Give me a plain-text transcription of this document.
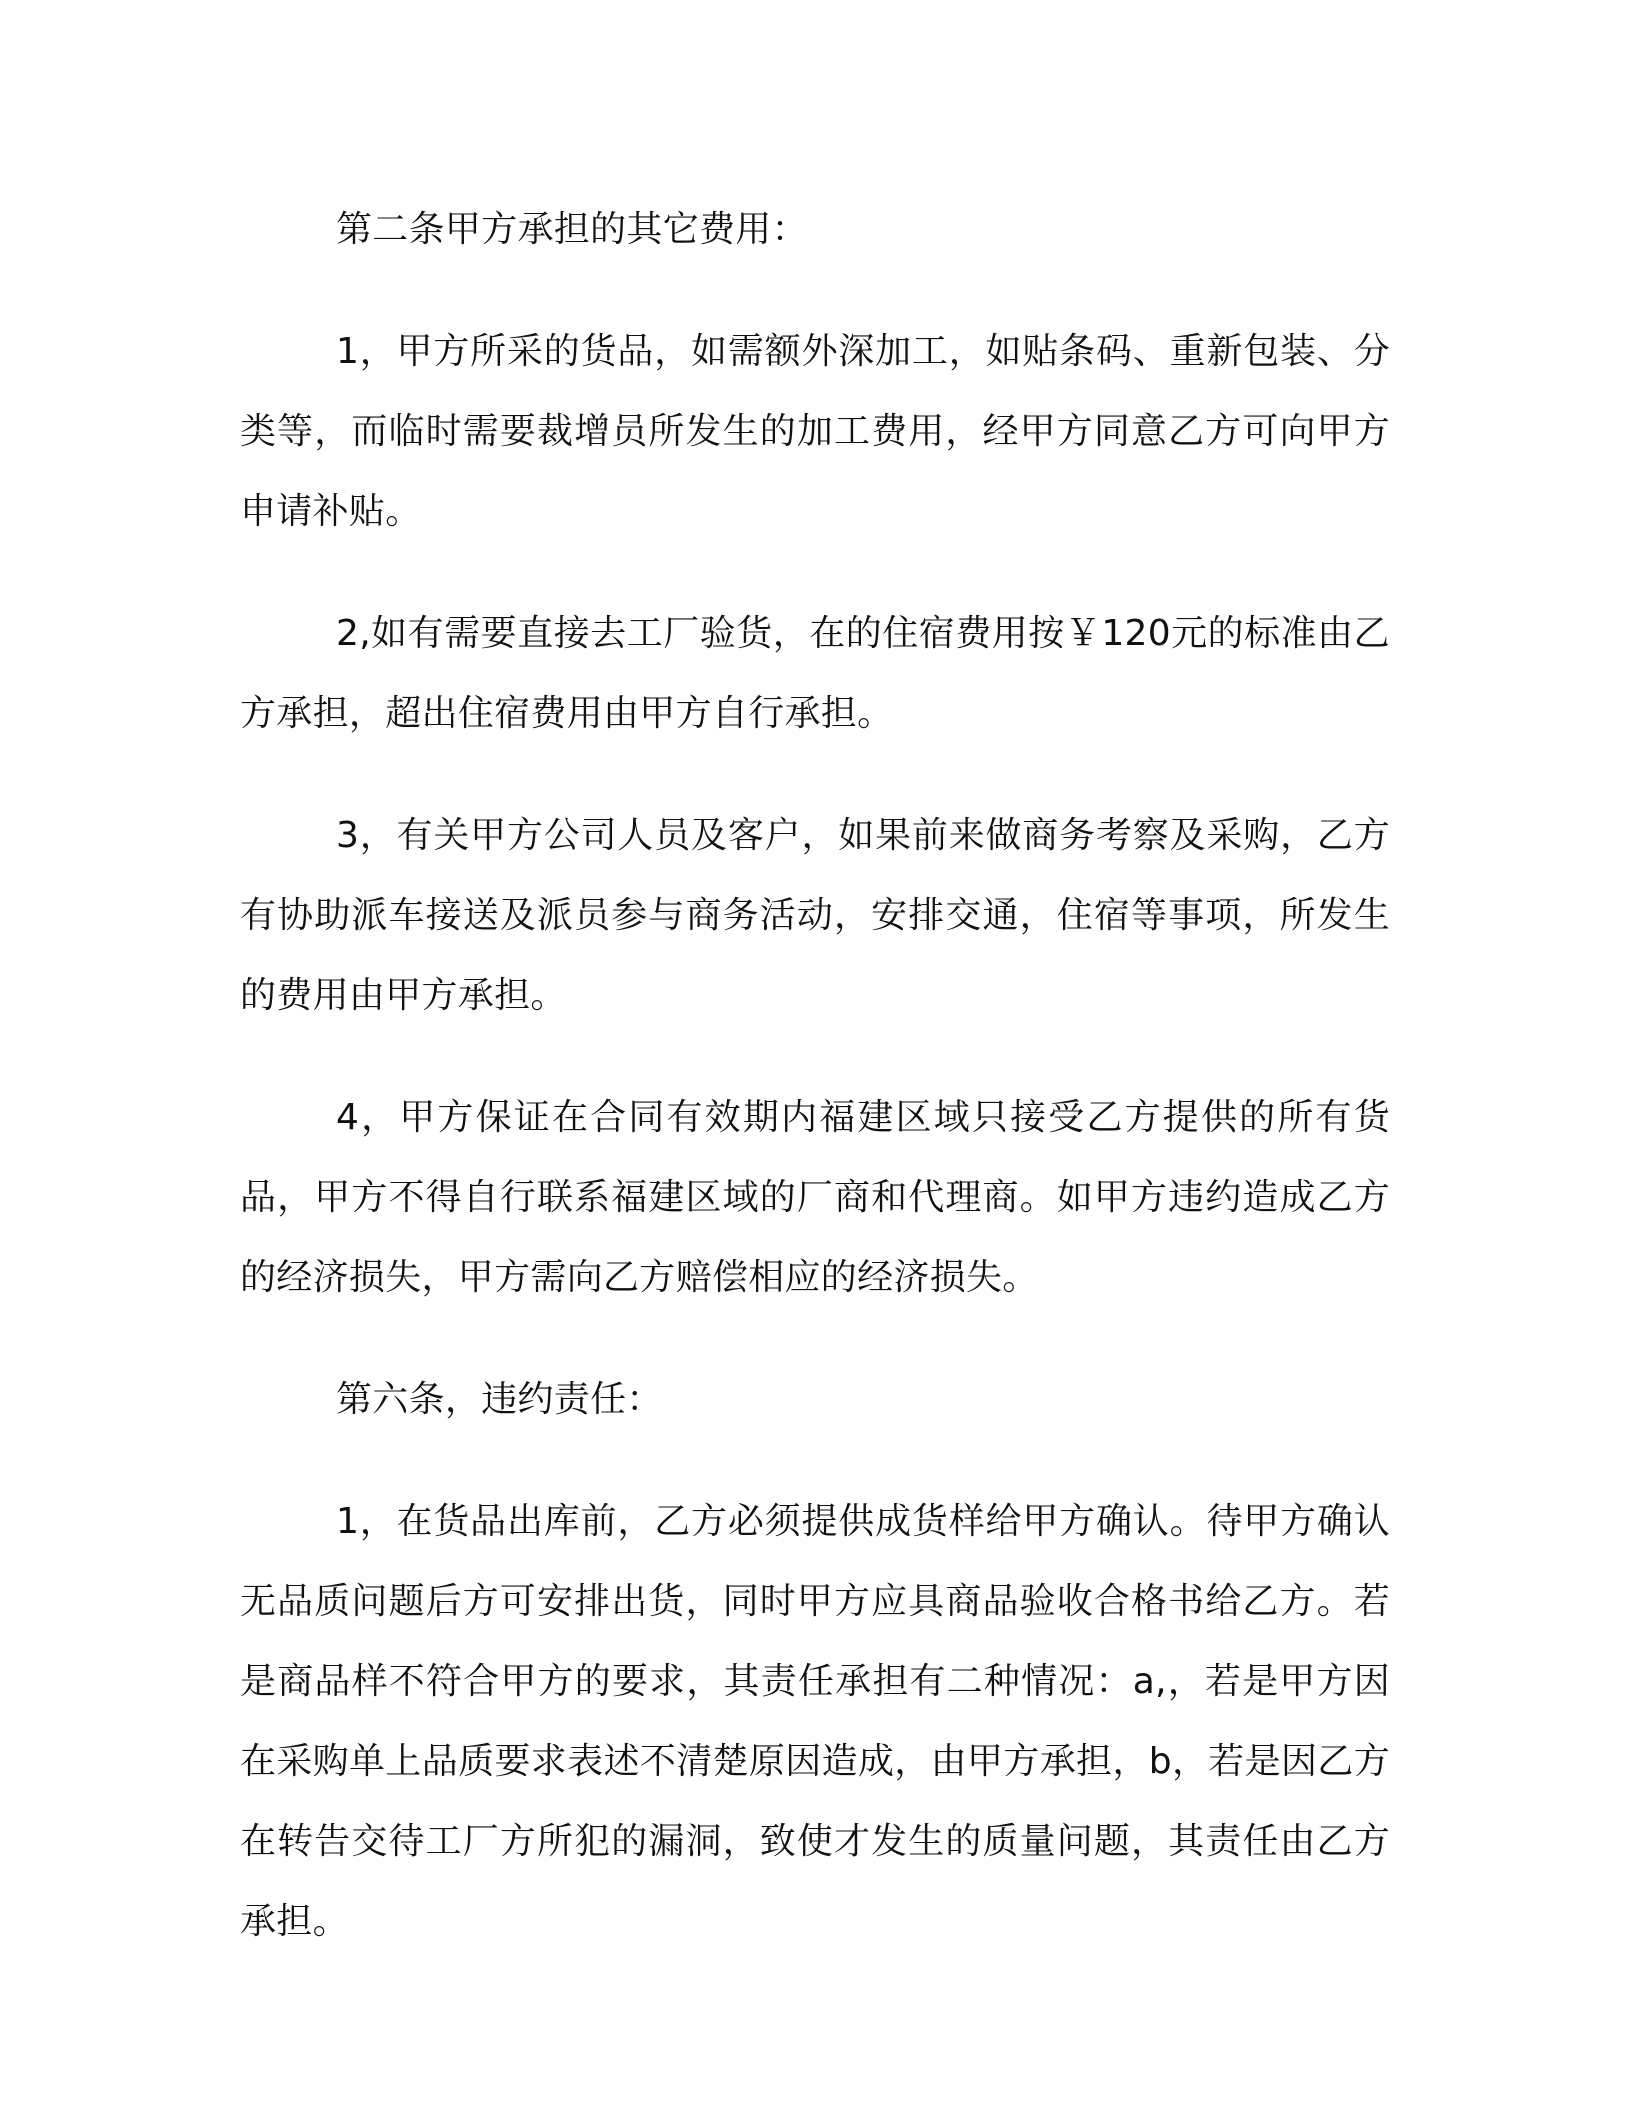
第二条甲方承担的其它费用：

1，甲方所采的货品，如需额外深加工，如贴条码、重新包装、分类等，而临时需要裁增员所发生的加工费用，经甲方同意乙方可向甲方申请补贴。

2,如有需要直接去工厂验货，在的住宿费用按￥120元的标准由乙方承担，超出住宿费用由甲方自行承担。

3，有关甲方公司人员及客户，如果前来做商务考察及采购，乙方有协助派车接送及派员参与商务活动，安排交通，住宿等事项，所发生的费用由甲方承担。

4，甲方保证在合同有效期内福建区域只接受乙方提供的所有货品，甲方不得自行联系福建区域的厂商和代理商。如甲方违约造成乙方的经济损失，甲方需向乙方赔偿相应的经济损失。

第六条，违约责任：

1，在货品出库前，乙方必须提供成货样给甲方确认。待甲方确认无品质问题后方可安排出货，同时甲方应具商品验收合格书给乙方。若是商品样不符合甲方的要求，其责任承担有二种情况：a,，若是甲方因在采购单上品质要求表述不清楚原因造成，由甲方承担，b，若是因乙方在转告交待工厂方所犯的漏洞，致使才发生的质量问题，其责任由乙方承担。
